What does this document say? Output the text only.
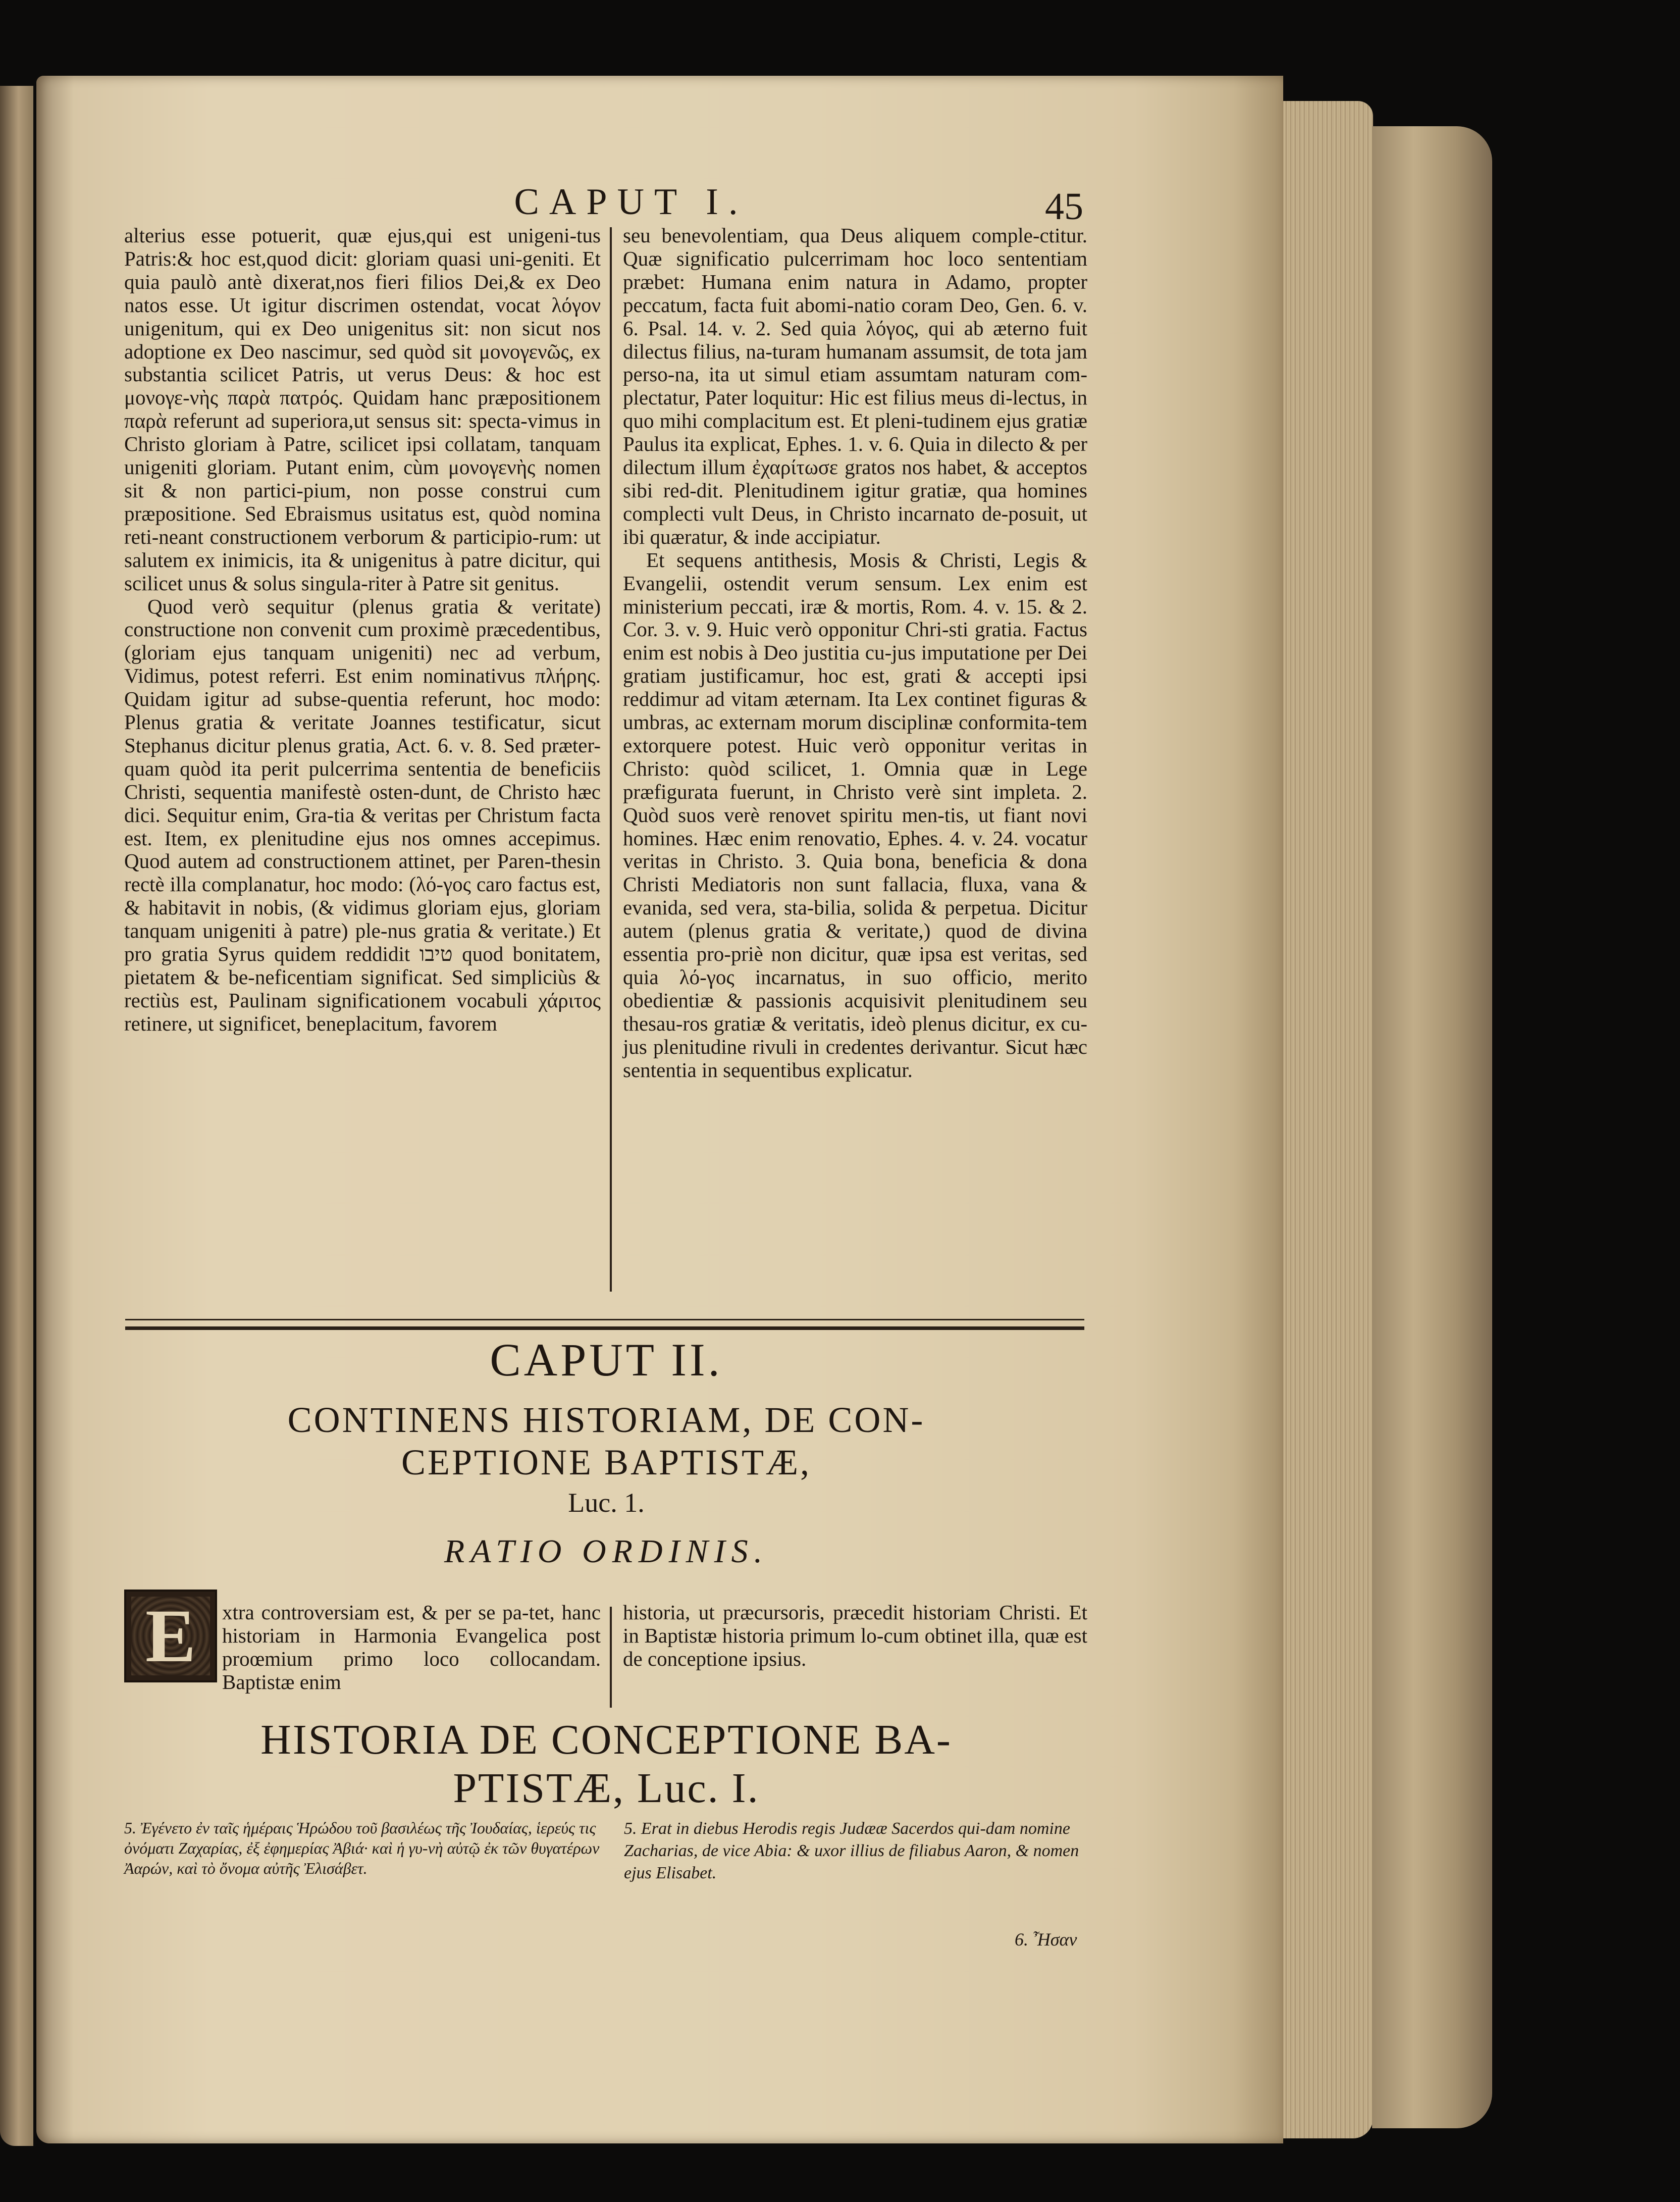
CAPUT I.	45

alterius esse potuerit, quæ ejus,qui est unigeni-tus Patris:& hoc est,quod dicit: gloriam quasi uni-geniti. Et quia paulò antè dixerat,nos fieri filios Dei,& ex Deo natos esse. Ut igitur discrimen ostendat, vocat λόγον unigenitum, qui ex Deo unigenitus sit: non sicut nos adoptione ex Deo nascimur, sed quòd sit μονογενῶς, ex substantia scilicet Patris, ut verus Deus: & hoc est μονογε-νὴς παρὰ πατρός. Quidam hanc præpositionem παρὰ referunt ad superiora,ut sensus sit: specta-vimus in Christo gloriam à Patre, scilicet ipsi collatam, tanquam unigeniti gloriam. Putant enim, cùm μονογενὴς nomen sit & non partici-pium, non posse construi cum præpositione. Sed Ebraismus usitatus est, quòd nomina reti-neant constructionem verborum & participio-rum: ut salutem ex inimicis, ita & unigenitus à patre dicitur, qui scilicet unus & solus singula-riter à Patre sit genitus.

Quod verò sequitur (plenus gratia & veritate) constructione non convenit cum proximè præcedentibus, (gloriam ejus tanquam unigeniti) nec ad verbum, Vidimus, potest referri. Est enim nominativus πλήρης. Quidam igitur ad subse-quentia referunt, hoc modo: Plenus gratia & veritate Joannes testificatur, sicut Stephanus dicitur plenus gratia, Act. 6. v. 8. Sed præter-quam quòd ita perit pulcerrima sententia de beneficiis Christi, sequentia manifestè osten-dunt, de Christo hæc dici. Sequitur enim, Gra-tia & veritas per Christum facta est. Item, ex plenitudine ejus nos omnes accepimus. Quod autem ad constructionem attinet, per Paren-thesin rectè illa complanatur, hoc modo: (λό-γος caro factus est, & habitavit in nobis, (& vidimus gloriam ejus, gloriam tanquam unigeniti à patre) ple-nus gratia & veritate.) Et pro gratia Syrus quidem reddidit טיבו quod bonitatem, pietatem & be-neficentiam significat. Sed simpliciùs & rectiùs est, Paulinam significationem vocabuli χάριτος retinere, ut significet, beneplacitum, favorem

seu benevolentiam, qua Deus aliquem comple-ctitur. Quæ significatio pulcerrimam hoc loco sententiam præbet: Humana enim natura in Adamo, propter peccatum, facta fuit abomi-natio coram Deo, Gen. 6. v. 6. Psal. 14. v. 2. Sed quia λόγος, qui ab æterno fuit dilectus filius, na-turam humanam assumsit, de tota jam perso-na, ita ut simul etiam assumtam naturam com-plectatur, Pater loquitur: Hic est filius meus di-lectus, in quo mihi complacitum est. Et pleni-tudinem ejus gratiæ Paulus ita explicat, Ephes. 1. v. 6. Quia in dilecto & per dilectum illum ἐχαρίτωσε gratos nos habet, & acceptos sibi red-dit. Plenitudinem igitur gratiæ, qua homines complecti vult Deus, in Christo incarnato de-posuit, ut ibi quæratur, & inde accipiatur.

Et sequens antithesis, Mosis & Christi, Legis & Evangelii, ostendit verum sensum. Lex enim est ministerium peccati, iræ & mortis, Rom. 4. v. 15. & 2. Cor. 3. v. 9. Huic verò opponitur Chri-sti gratia. Factus enim est nobis à Deo justitia cu-jus imputatione per Dei gratiam justificamur, hoc est, grati & accepti ipsi reddimur ad vitam æternam. Ita Lex continet figuras & umbras, ac externam morum disciplinæ conformita-tem extorquere potest. Huic verò opponitur veritas in Christo: quòd scilicet, 1. Omnia quæ in Lege præfigurata fuerunt, in Christo verè sint impleta. 2. Quòd suos verè renovet spiritu men-tis, ut fiant novi homines. Hæc enim renovatio, Ephes. 4. v. 24. vocatur veritas in Christo. 3. Quia bona, beneficia & dona Christi Mediatoris non sunt fallacia, fluxa, vana & evanida, sed vera, sta-bilia, solida & perpetua. Dicitur autem (plenus gratia & veritate,) quod de divina essentia pro-priè non dicitur, quæ ipsa est veritas, sed quia λό-γος incarnatus, in suo officio, merito obedientiæ & passionis acquisivit plenitudinem seu thesau-ros gratiæ & veritatis, ideò plenus dicitur, ex cu-jus plenitudine rivuli in credentes derivantur. Sicut hæc sententia in sequentibus explicatur.

CAPUT II.
CONTINENS HISTORIAM, DE CON-
CEPTIONE BAPTISTÆ,
Luc. 1.
RATIO ORDINIS.
E	xtra controversiam est, & per se pa-tet, hanc historiam in Harmonia Evangelica post proœmium primo loco collocandam. Baptistæ enim
historia, ut præcursoris, præcedit historiam Christi. Et in Baptistæ historia primum lo-cum obtinet illa, quæ est de conceptione ipsius.
HISTORIA DE CONCEPTIONE BA-
PTISTÆ, Luc. I.
5. Ἐγένετο ἐν ταῖς ἡμέραις Ἡρώδου τοῦ βασιλέως τῆς Ἰουδαίας, ἱερεύς τις ὀνόματι Ζαχαρίας, ἐξ ἐφημερίας Ἀβιά· καὶ ἡ γυ-νὴ αὐτῷ ἐκ τῶν θυγατέρων Ἀαρών, καὶ τὸ ὄνομα αὐτῆς Ἐλισάβετ.
5. Erat in diebus Herodis regis Judææ Sacerdos qui-dam nomine Zacharias, de vice Abia: & uxor illius de filiabus Aaron, & nomen ejus Elisabet.
6. Ἦσαν
